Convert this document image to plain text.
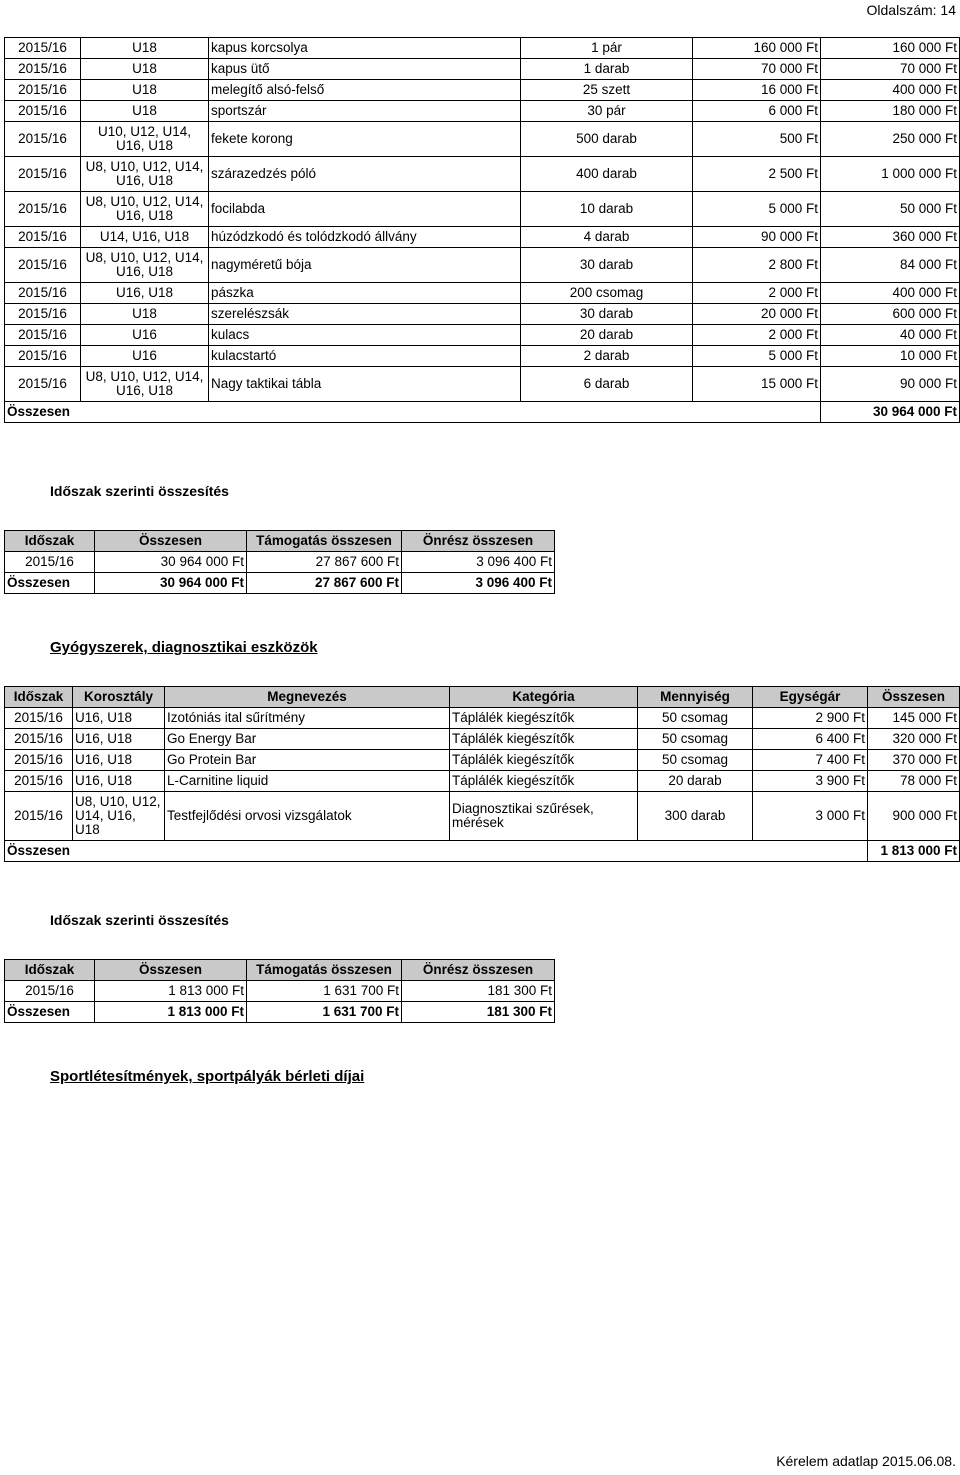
Oldalszám: 14
2015/16	U18	kapus korcsolya	1 pár	160 000 Ft	160 000 Ft
2015/16	U18	kapus ütő	1 darab	70 000 Ft	70 000 Ft
2015/16	U18	melegítő alsó-felső	25 szett	16 000 Ft	400 000 Ft
2015/16	U18	sportszár	30 pár	6 000 Ft	180 000 Ft
2015/16	U10, U12, U14, U16, U18	fekete korong	500 darab	500 Ft	250 000 Ft
2015/16	U8, U10, U12, U14, U16, U18	szárazedzés póló	400 darab	2 500 Ft	1 000 000 Ft
2015/16	U8, U10, U12, U14, U16, U18	focilabda	10 darab	5 000 Ft	50 000 Ft
2015/16	U14, U16, U18	húzódzkodó és tolódzkodó állvány	4 darab	90 000 Ft	360 000 Ft
2015/16	U8, U10, U12, U14, U16, U18	nagyméretű bója	30 darab	2 800 Ft	84 000 Ft
2015/16	U16, U18	pászka	200 csomag	2 000 Ft	400 000 Ft
2015/16	U18	szerelészsák	30 darab	20 000 Ft	600 000 Ft
2015/16	U16	kulacs	20 darab	2 000 Ft	40 000 Ft
2015/16	U16	kulacstartó	2 darab	5 000 Ft	10 000 Ft
2015/16	U8, U10, U12, U14, U16, U18	Nagy taktikai tábla	6 darab	15 000 Ft	90 000 Ft
Összesen					30 964 000 Ft
Időszak szerinti összesítés
Időszak	Összesen	Támogatás összesen	Önrész összesen
2015/16	30 964 000 Ft	27 867 600 Ft	3 096 400 Ft
Összesen	30 964 000 Ft	27 867 600 Ft	3 096 400 Ft
Gyógyszerek, diagnosztikai eszközök
Időszak	Korosztály	Megnevezés	Kategória	Mennyiség	Egységár	Összesen
2015/16	U16, U18	Izotóniás ital sűrítmény	Táplálék kiegészítők	50 csomag	2 900 Ft	145 000 Ft
2015/16	U16, U18	Go Energy Bar	Táplálék kiegészítők	50 csomag	6 400 Ft	320 000 Ft
2015/16	U16, U18	Go Protein Bar	Táplálék kiegészítők	50 csomag	7 400 Ft	370 000 Ft
2015/16	U16, U18	L-Carnitine liquid	Táplálék kiegészítők	20 darab	3 900 Ft	78 000 Ft
2015/16	U8, U10, U12, U14, U16, U18	Testfejlődési orvosi vizsgálatok	Diagnosztikai szűrések, mérések	300 darab	3 000 Ft	900 000 Ft
Összesen						1 813 000 Ft
Időszak szerinti összesítés
Időszak	Összesen	Támogatás összesen	Önrész összesen
2015/16	1 813 000 Ft	1 631 700 Ft	181 300 Ft
Összesen	1 813 000 Ft	1 631 700 Ft	181 300 Ft
Sportlétesítmények, sportpályák bérleti díjai
Kérelem adatlap 2015.06.08.
